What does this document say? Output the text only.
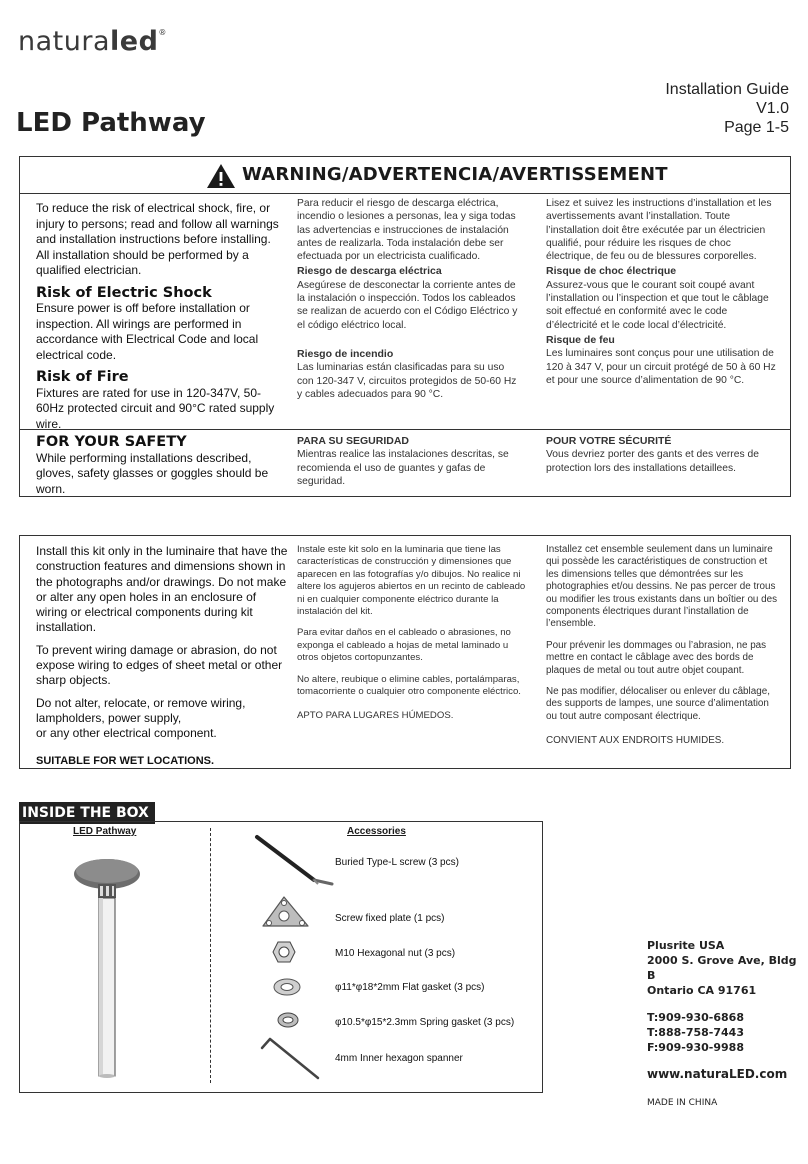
naturaled®
LED Pathway
Installation Guide
V1.0
Page 1-5
WARNING/ADVERTENCIA/AVERTISSEMENT

To reduce the risk of electrical shock, fire, or injury to persons; read and follow all warnings and installation instructions before installing. All installation should be performed by a qualified electrician.

Risk of Electric Shock

Ensure power is off before installation or inspection. All wirings are performed in accordance with Electrical Code and local electrical code.

Risk of Fire

Fixtures are rated for use in 120-347V, 50-60Hz protected circuit and 90°C rated supply wire.

Para reducir el riesgo de descarga eléctrica, incendio o lesiones a personas, lea y siga todas las advertencias e instrucciones de instalación antes de realizarla. Toda instalación debe ser efectuada por un electricista cualificado.

Riesgo de descarga eléctrica

Asegúrese de desconectar la corriente antes de la instalación o inspección. Todos los cableados se realizan de acuerdo con el Código Eléctrico y el código eléctrico local.

Riesgo de incendio

Las luminarias están clasificadas para su uso con 120-347 V, circuitos protegidos de 50-60 Hz y cables adecuados para 90 °C.

Lisez et suivez les instructions d’installation et les avertissements avant l’installation. Toute l’installation doit être exécutée par un électricien qualifié, pour réduire les risques de choc électrique, de feu ou de blessures corporelles.

Risque de choc électrique

Assurez-vous que le courant soit coupé avant l’installation ou l’inspection et que tout le câblage soit effectué en conformité avec le code d’électricité et le code local d’électricité.

Risque de feu

Les luminaires sont conçus pour une utilisation de 120 à 347 V, pour un circuit protégé de 50 à 60 Hz et pour une source d’alimentation de 90 °C.

FOR YOUR SAFETY

While performing installations described, gloves, safety glasses or goggles should be worn.

PARA SU SEGURIDAD

Mientras realice las instalaciones descritas, se recomienda el uso de guantes y gafas de seguridad.

POUR VOTRE SÉCURITÉ

Vous devriez porter des gants et des verres de protection lors des installations detaillees.

Install this kit only in the luminaire that have the construction features and dimensions shown in the photographs and/or drawings. Do not make or alter any open holes in an enclosure of wiring or electrical components during kit installation.

To prevent wiring damage or abrasion, do not expose wiring to edges of sheet metal or other sharp objects.

Do not alter, relocate, or remove wiring, lampholders, power supply,

or any other electrical component.

SUITABLE FOR WET LOCATIONS.

Instale este kit solo en la luminaria que tiene las características de construcción y dimensiones que aparecen en las fotografías y/o dibujos. No realice ni altere los agujeros abiertos en un recinto de cableado ni en cualquier componente eléctrico durante la instalación del kit.

Para evitar daños en el cableado o abrasiones, no exponga el cableado a hojas de metal laminado u otros objetos cortopunzantes.

No altere, reubique o elimine cables, portalámparas, tomacorriente o cualquier otro componente eléctrico.

APTO PARA LUGARES HÚMEDOS.

Installez cet ensemble seulement dans un luminaire qui possède les caractéristiques de construction et les dimensions telles que démontrées sur les photographies et/ou dessins. Ne pas percer de trous ou modifier les trous existants dans un boîtier ou des components électriques durant l’installation de l’ensemble.

Pour prévenir les dommages ou l’abrasion, ne pas mettre en contact le câblage avec des bords de plaques de metal ou tout autre objet coupant.

Ne pas modifier, délocaliser ou enlever du câblage, des supports de lampes, une source d’alimentation ou tout autre composant électrique.

CONVIENT AUX ENDROITS HUMIDES.

INSIDE THE BOX
LED Pathway	Accessories
Buried Type-L screw (3 pcs)
Screw fixed plate (1 pcs)
M10 Hexagonal nut (3 pcs)
φ11*φ18*2mm Flat gasket (3 pcs)
φ10.5*φ15*2.3mm Spring gasket (3 pcs)
4mm Inner hexagon spanner
Plusrite USA
2000 S. Grove Ave, Bldg B
Ontario CA 91761
T:909-930-6868
T:888-758-7443
F:909-930-9988
www.naturaLED.com
MADE IN CHINA
